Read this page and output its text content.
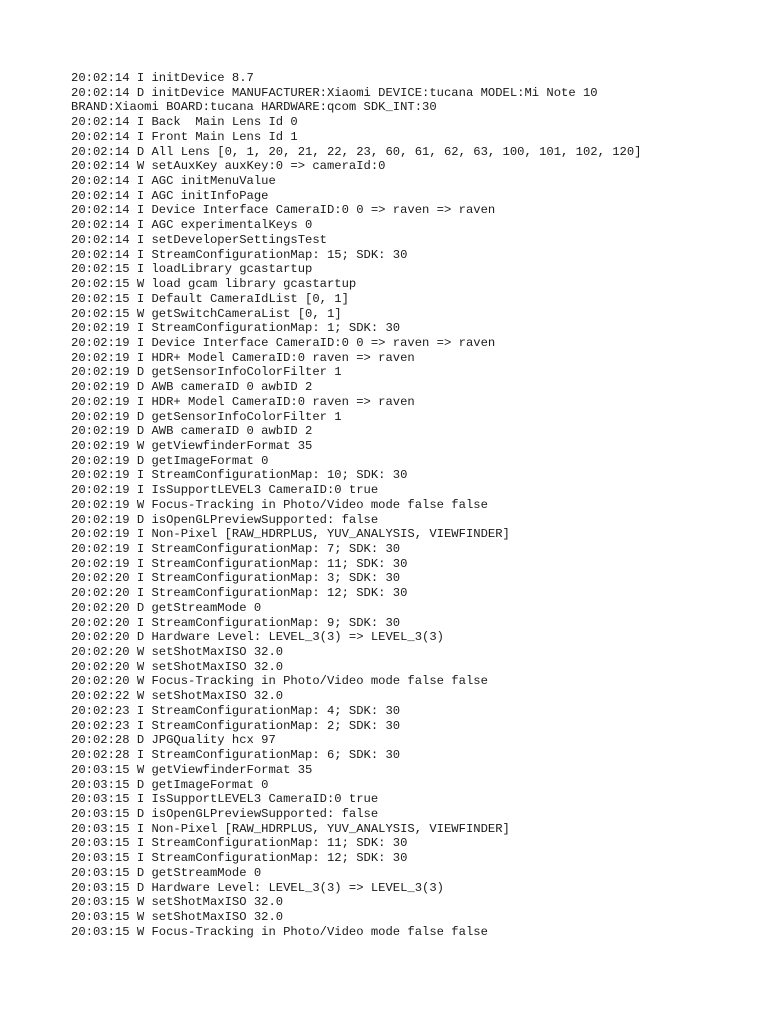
20:02:14 I initDevice 8.7
20:02:14 D initDevice MANUFACTURER:Xiaomi DEVICE:tucana MODEL:Mi Note 10
BRAND:Xiaomi BOARD:tucana HARDWARE:qcom SDK_INT:30
20:02:14 I Back  Main Lens Id 0
20:02:14 I Front Main Lens Id 1
20:02:14 D All Lens [0, 1, 20, 21, 22, 23, 60, 61, 62, 63, 100, 101, 102, 120]
20:02:14 W setAuxKey auxKey:0 => cameraId:0
20:02:14 I AGC initMenuValue
20:02:14 I AGC initInfoPage
20:02:14 I Device Interface CameraID:0 0 => raven => raven
20:02:14 I AGC experimentalKeys 0
20:02:14 I setDeveloperSettingsTest
20:02:14 I StreamConfigurationMap: 15; SDK: 30
20:02:15 I loadLibrary gcastartup
20:02:15 W load gcam library gcastartup
20:02:15 I Default CameraIdList [0, 1]
20:02:15 W getSwitchCameraList [0, 1]
20:02:19 I StreamConfigurationMap: 1; SDK: 30
20:02:19 I Device Interface CameraID:0 0 => raven => raven
20:02:19 I HDR+ Model CameraID:0 raven => raven
20:02:19 D getSensorInfoColorFilter 1
20:02:19 D AWB cameraID 0 awbID 2
20:02:19 I HDR+ Model CameraID:0 raven => raven
20:02:19 D getSensorInfoColorFilter 1
20:02:19 D AWB cameraID 0 awbID 2
20:02:19 W getViewfinderFormat 35
20:02:19 D getImageFormat 0
20:02:19 I StreamConfigurationMap: 10; SDK: 30
20:02:19 I IsSupportLEVEL3 CameraID:0 true
20:02:19 W Focus-Tracking in Photo/Video mode false false
20:02:19 D isOpenGLPreviewSupported: false
20:02:19 I Non-Pixel [RAW_HDRPLUS, YUV_ANALYSIS, VIEWFINDER]
20:02:19 I StreamConfigurationMap: 7; SDK: 30
20:02:19 I StreamConfigurationMap: 11; SDK: 30
20:02:20 I StreamConfigurationMap: 3; SDK: 30
20:02:20 I StreamConfigurationMap: 12; SDK: 30
20:02:20 D getStreamMode 0
20:02:20 I StreamConfigurationMap: 9; SDK: 30
20:02:20 D Hardware Level: LEVEL_3(3) => LEVEL_3(3)
20:02:20 W setShotMaxISO 32.0
20:02:20 W setShotMaxISO 32.0
20:02:20 W Focus-Tracking in Photo/Video mode false false
20:02:22 W setShotMaxISO 32.0
20:02:23 I StreamConfigurationMap: 4; SDK: 30
20:02:23 I StreamConfigurationMap: 2; SDK: 30
20:02:28 D JPGQuality hcx 97
20:02:28 I StreamConfigurationMap: 6; SDK: 30
20:03:15 W getViewfinderFormat 35
20:03:15 D getImageFormat 0
20:03:15 I IsSupportLEVEL3 CameraID:0 true
20:03:15 D isOpenGLPreviewSupported: false
20:03:15 I Non-Pixel [RAW_HDRPLUS, YUV_ANALYSIS, VIEWFINDER]
20:03:15 I StreamConfigurationMap: 11; SDK: 30
20:03:15 I StreamConfigurationMap: 12; SDK: 30
20:03:15 D getStreamMode 0
20:03:15 D Hardware Level: LEVEL_3(3) => LEVEL_3(3)
20:03:15 W setShotMaxISO 32.0
20:03:15 W setShotMaxISO 32.0
20:03:15 W Focus-Tracking in Photo/Video mode false false
